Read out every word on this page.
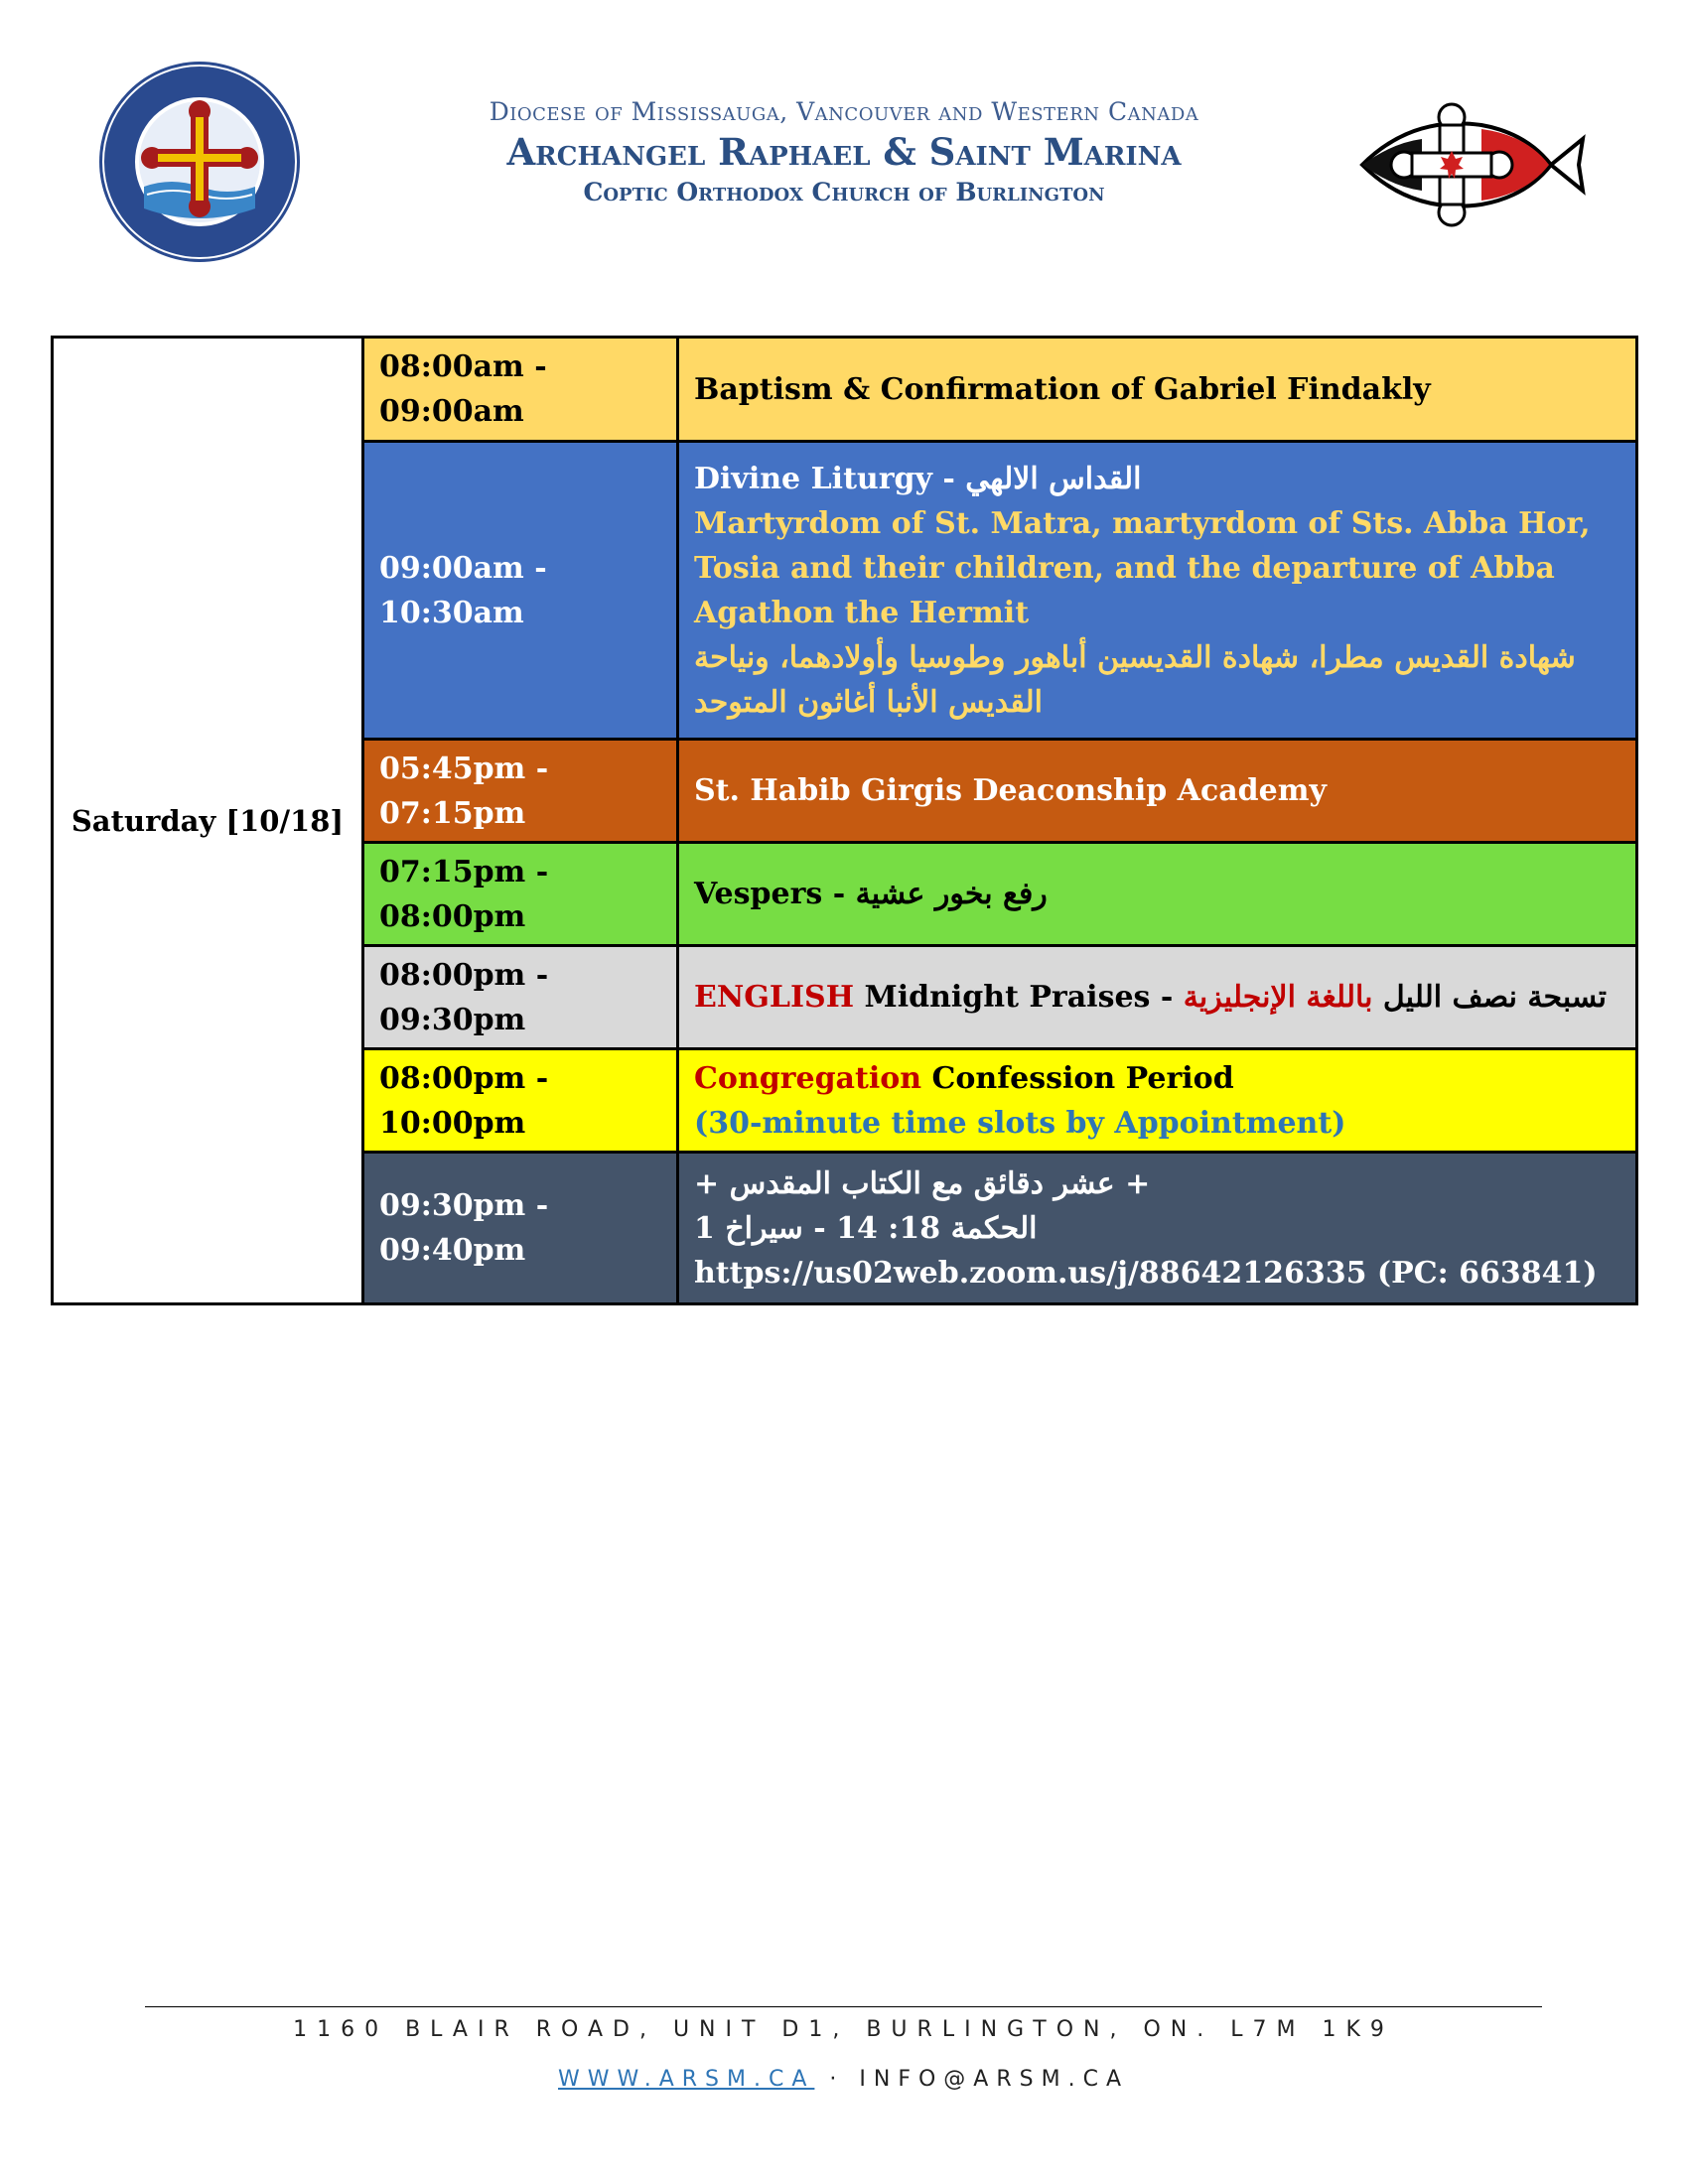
Diocese of Mississauga, Vancouver and Western Canada
Archangel Raphael & Saint Marina
Coptic Orthodox Church of Burlington
Saturday [10/18]
08:00am - 09:00am
Baptism & Confirmation of Gabriel Findakly
09:00am - 10:30am
Divine Liturgy - القداس الالهي
Martyrdom of St. Matra, martyrdom of Sts. Abba Hor, Tosia and their children, and the departure of Abba Agathon the Hermit
شهادة القديس مطرا، شهادة القديسين أباهور وطوسيا وأولادهما، ونياحة القديس الأنبا أغاثون المتوحد
05:45pm - 07:15pm
St. Habib Girgis Deaconship Academy
07:15pm - 08:00pm
Vespers - رفع بخور عشية
08:00pm - 09:30pm
ENGLISH Midnight Praises -	تسبحة نصف الليل باللغة الإنجليزية
08:00pm - 10:00pm
Congregation Confession Period
(30-minute time slots by Appointment)
09:30pm - 09:40pm
+ عشر دقائق مع الكتاب المقدس +
الحكمة 18: 14 - سيراخ 1
https://us02web.zoom.us/j/88642126335 (PC: 663841)
1160 BLAIR ROAD, UNIT D1, BURLINGTON, ON. L7M 1K9
WWW.ARSM.CA · INFO@ARSM.CA
